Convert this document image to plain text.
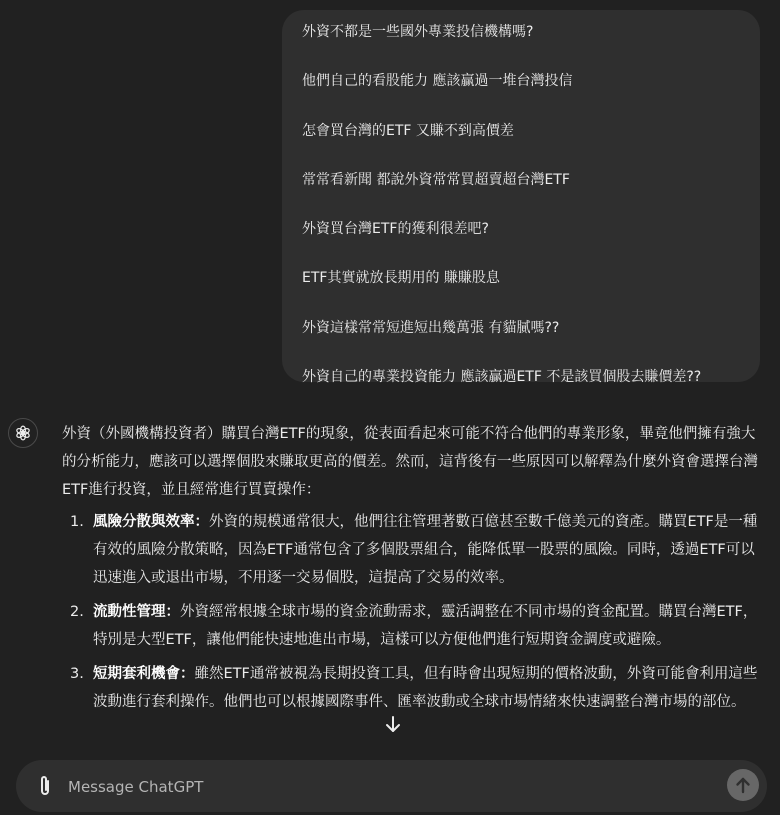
外資不都是一些國外專業投信機構嗎?
他們自己的看股能力 應該贏過一堆台灣投信
怎會買台灣的ETF 又賺不到高價差
常常看新聞 都說外資常常買超賣超台灣ETF
外資買台灣ETF的獲利很差吧?
ETF其實就放長期用的 賺賺股息
外資這樣常常短進短出幾萬張 有貓膩嗎??
外資自己的專業投資能力 應該贏過ETF 不是該買個股去賺價差??

外資（外國機構投資者）購買台灣ETF的現象，從表面看起來可能不符合他們的專業形象，畢竟他們擁有強大的分析能力，應該可以選擇個股來賺取更高的價差。然而，這背後有一些原因可以解釋為什麼外資會選擇台灣ETF進行投資，並且經常進行買賣操作：

1. 風險分散與效率：外資的規模通常很大，他們往往管理著數百億甚至數千億美元的資產。購買ETF是一種有效的風險分散策略，因為ETF通常包含了多個股票組合，能降低單一股票的風險。同時，透過ETF可以迅速進入或退出市場，不用逐一交易個股，這提高了交易的效率。
2. 流動性管理：外資經常根據全球市場的資金流動需求，靈活調整在不同市場的資金配置。購買台灣ETF，特別是大型ETF，讓他們能快速地進出市場，這樣可以方便他們進行短期資金調度或避險。
3. 短期套利機會：雖然ETF通常被視為長期投資工具，但有時會出現短期的價格波動，外資可能會利用這些波動進行套利操作。他們也可以根據國際事件、匯率波動或全球市場情緒來快速調整台灣市場的部位。
Message ChatGPT
